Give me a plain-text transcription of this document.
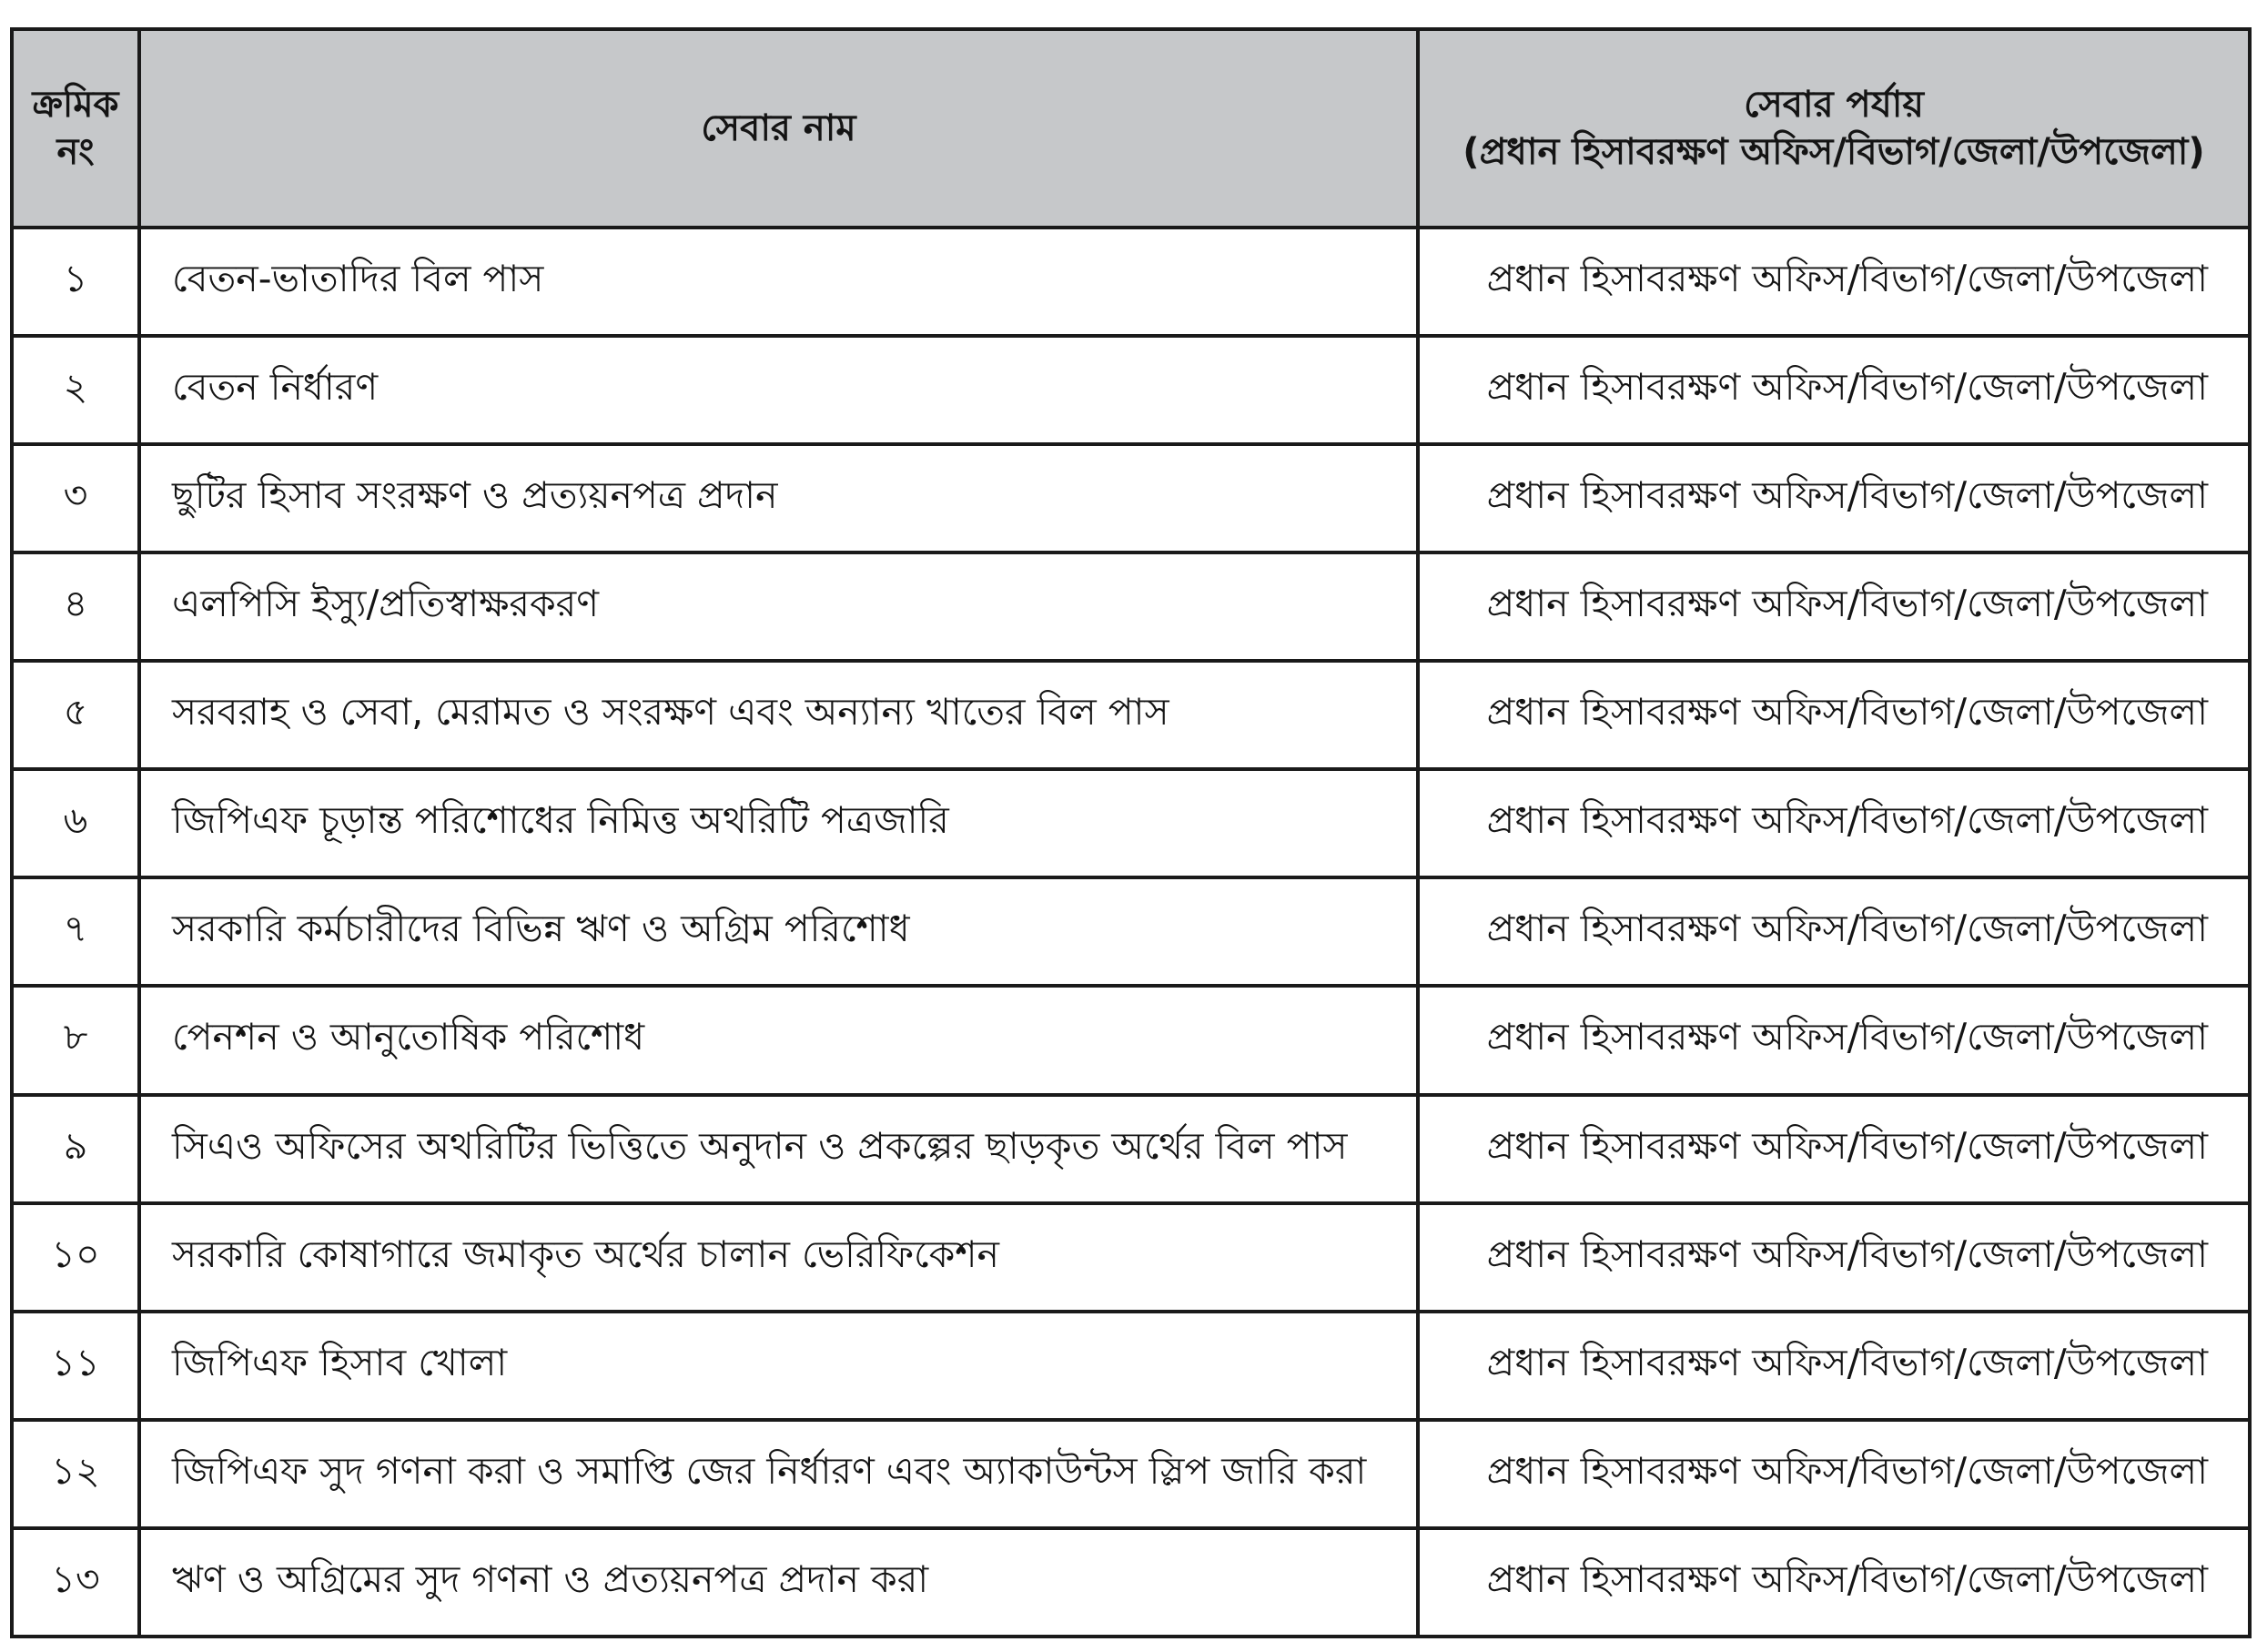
ক্রমিক
নং	সেবার নাম	সেবার পর্যায়
(প্রধান হিসাবরক্ষণ অফিস/বিভাগ/জেলা/উপজেলা)

১	বেতন-ভাতাদির বিল পাস	প্রধান হিসাবরক্ষণ অফিস/বিভাগ/জেলা/উপজেলা
২	বেতন নির্ধারণ	প্রধান হিসাবরক্ষণ অফিস/বিভাগ/জেলা/উপজেলা
৩	ছুটির হিসাব সংরক্ষণ ও প্রত্যয়নপত্র প্রদান	প্রধান হিসাবরক্ষণ অফিস/বিভাগ/জেলা/উপজেলা
৪	এলপিসি ইস্যু/প্রতিস্বাক্ষরকরণ	প্রধান হিসাবরক্ষণ অফিস/বিভাগ/জেলা/উপজেলা
৫	সরবরাহ ও সেবা, মেরামত ও সংরক্ষণ এবং অন্যান্য খাতের বিল পাস	প্রধান হিসাবরক্ষণ অফিস/বিভাগ/জেলা/উপজেলা
৬	জিপিএফ চূড়ান্ত পরিশোধের নিমিত্ত অথরিটি পত্রজারি	প্রধান হিসাবরক্ষণ অফিস/বিভাগ/জেলা/উপজেলা
৭	সরকারি কর্মচারীদের বিভিন্ন ঋণ ও অগ্রিম পরিশোধ	প্রধান হিসাবরক্ষণ অফিস/বিভাগ/জেলা/উপজেলা
৮	পেনশন ও আনুতোষিক পরিশোধ	প্রধান হিসাবরক্ষণ অফিস/বিভাগ/জেলা/উপজেলা
৯	সিএও অফিসের অথরিটির ভিত্তিতে অনুদান ও প্রকল্পের ছাড়কৃত অর্থের বিল পাস	প্রধান হিসাবরক্ষণ অফিস/বিভাগ/জেলা/উপজেলা
১০	সরকারি কোষাগারে জমাকৃত অর্থের চালান ভেরিফিকেশন	প্রধান হিসাবরক্ষণ অফিস/বিভাগ/জেলা/উপজেলা
১১	জিপিএফ হিসাব খোলা	প্রধান হিসাবরক্ষণ অফিস/বিভাগ/জেলা/উপজেলা
১২	জিপিএফ সুদ গণনা করা ও সমাপ্তি জের নির্ধারণ এবং অ্যাকাউন্টস স্লিপ জারি করা	প্রধান হিসাবরক্ষণ অফিস/বিভাগ/জেলা/উপজেলা
১৩	ঋণ ও অগ্রিমের সুদ গণনা ও প্রত্যয়নপত্র প্রদান করা	প্রধান হিসাবরক্ষণ অফিস/বিভাগ/জেলা/উপজেলা
